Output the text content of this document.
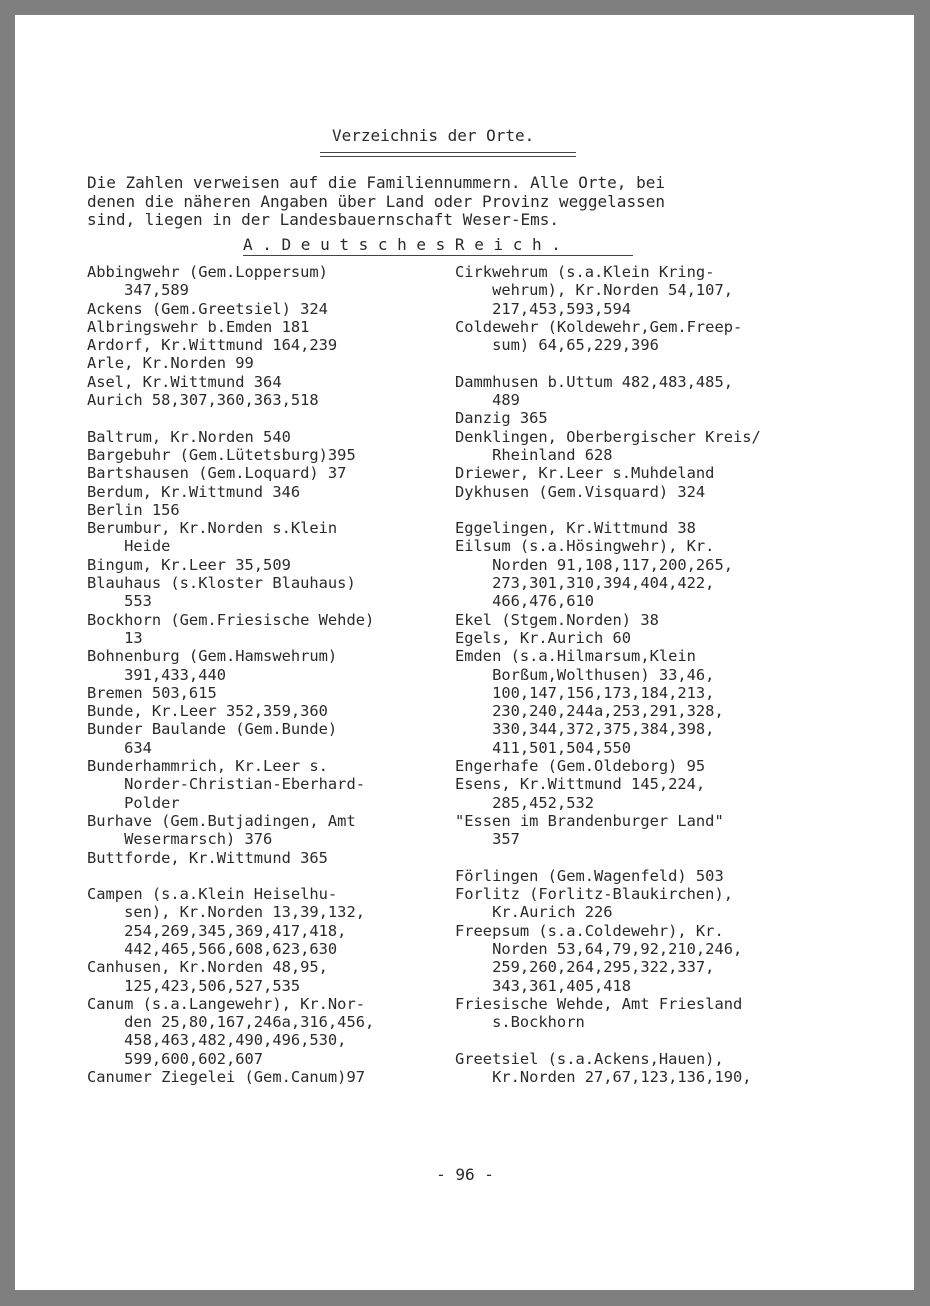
Verzeichnis der Orte.
Die Zahlen verweisen auf die Familiennummern. Alle Orte, bei
denen die näheren Angaben über Land oder Provinz weggelassen
sind, liegen in der Landesbauernschaft Weser-Ems.
A . D e u t s c h e s R e i c h .
Abbingwehr (Gem.Loppersum)
347,589
Ackens (Gem.Greetsiel) 324
Albringswehr b.Emden 181
Ardorf, Kr.Wittmund 164,239
Arle, Kr.Norden 99
Asel, Kr.Wittmund 364
Aurich 58,307,360,363,518
Baltrum, Kr.Norden 540
Bargebuhr (Gem.Lütetsburg)395
Bartshausen (Gem.Loquard) 37
Berdum, Kr.Wittmund 346
Berlin 156
Berumbur, Kr.Norden s.Klein
Heide
Bingum, Kr.Leer 35,509
Blauhaus (s.Kloster Blauhaus)
553
Bockhorn (Gem.Friesische Wehde)
13
Bohnenburg (Gem.Hamswehrum)
391,433,440
Bremen 503,615
Bunde, Kr.Leer 352,359,360
Bunder Baulande (Gem.Bunde)
634
Bunderhammrich, Kr.Leer s.
Norder-Christian-Eberhard-
Polder
Burhave (Gem.Butjadingen, Amt
Wesermarsch) 376
Buttforde, Kr.Wittmund 365
Campen (s.a.Klein Heiselhu-
sen), Kr.Norden 13,39,132,
254,269,345,369,417,418,
442,465,566,608,623,630
Canhusen, Kr.Norden 48,95,
125,423,506,527,535
Canum (s.a.Langewehr), Kr.Nor-
den 25,80,167,246a,316,456,
458,463,482,490,496,530,
599,600,602,607
Canumer Ziegelei (Gem.Canum)97
Cirkwehrum (s.a.Klein Kring-
wehrum), Kr.Norden 54,107,
217,453,593,594
Coldewehr (Koldewehr,Gem.Freep-
sum) 64,65,229,396
Dammhusen b.Uttum 482,483,485,
489
Danzig 365
Denklingen, Oberbergischer Kreis/
Rheinland 628
Driewer, Kr.Leer s.Muhdeland
Dykhusen (Gem.Visquard) 324
Eggelingen, Kr.Wittmund 38
Eilsum (s.a.Hösingwehr), Kr.
Norden 91,108,117,200,265,
273,301,310,394,404,422,
466,476,610
Ekel (Stgem.Norden) 38
Egels, Kr.Aurich 60
Emden (s.a.Hilmarsum,Klein
Borßum,Wolthusen) 33,46,
100,147,156,173,184,213,
230,240,244a,253,291,328,
330,344,372,375,384,398,
411,501,504,550
Engerhafe (Gem.Oldeborg) 95
Esens, Kr.Wittmund 145,224,
285,452,532
"Essen im Brandenburger Land"
357
Förlingen (Gem.Wagenfeld) 503
Forlitz (Forlitz-Blaukirchen),
Kr.Aurich 226
Freepsum (s.a.Coldewehr), Kr.
Norden 53,64,79,92,210,246,
259,260,264,295,322,337,
343,361,405,418
Friesische Wehde, Amt Friesland
s.Bockhorn
Greetsiel (s.a.Ackens,Hauen),
Kr.Norden 27,67,123,136,190,
- 96 -
